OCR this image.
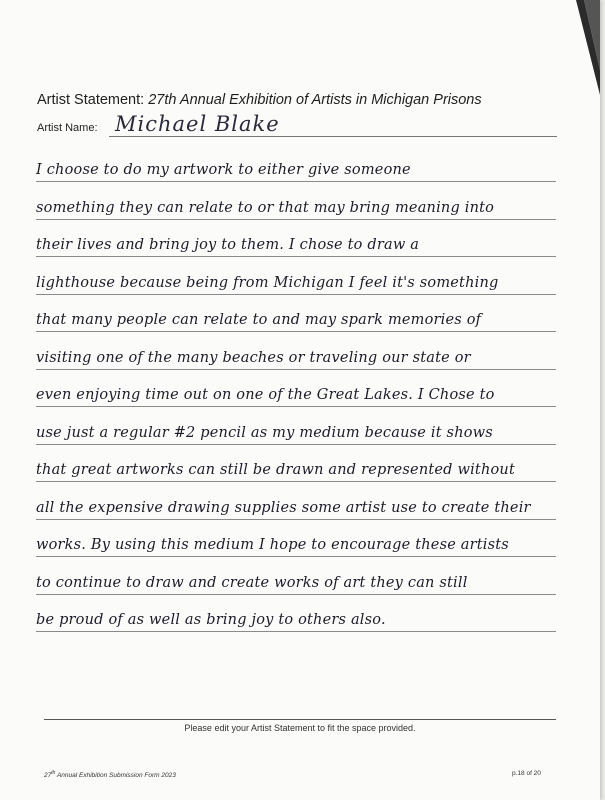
Artist Statement: 27th Annual Exhibition of Artists in Michigan Prisons
Artist Name: Michael Blake
I choose to do my artwork to either give someone
something they can relate to or that may bring meaning into
their lives and bring joy to them. I chose to draw a
lighthouse because being from Michigan I feel it's something
that many people can relate to and may spark memories of
visiting one of the many beaches or traveling our state or
even enjoying time out on one of the Great Lakes. I Chose to
use just a regular #2 pencil as my medium because it shows
that great artworks can still be drawn and represented without
all the expensive drawing supplies some artist use to create their
works. By using this medium I hope to encourage these artists
to continue to draw and create works of art they can still
be proud of as well as bring joy to others also.
Please edit your Artist Statement to fit the space provided.
27th Annual Exhibition Submission Form 2023	p.18 of 20
